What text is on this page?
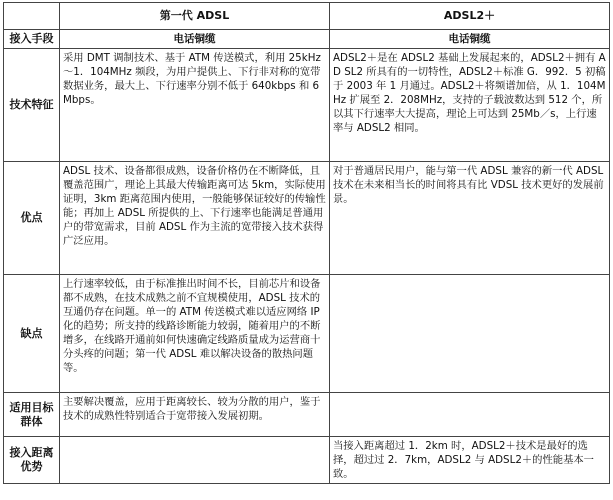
	第一代 ADSL	ADSL2＋
接入手段	电话铜缆	电话铜缆
技术特征	采用 DMT 调制技术、基于 ATM 传送模式，利用 25kHz～1．104MHz 频段，为用户提供上、下行非对称的宽带数据业务，最大上、下行速率分别不低于 640kbps 和 6Mbps。	ADSL2＋是在 ADSL2 基础上发展起来的，ADSL2＋拥有 AD SL2 所具有的一切特性，ADSL2＋标准 G．992．5 初稿于 2003 年 1 月通过。ADSL2＋将频谱加倍，从 1．104MHz 扩展至 2．208MHz，支持的子载波数达到 512 个，所以其下行速率大大提高，理论上可达到 25Mb／s，上行速率与 ADSL2 相同。
优点	ADSL 技术、设备都很成熟，设备价格仍在不断降低，且覆盖范围广，理论上其最大传输距离可达 5km，实际使用证明，3km 距离范围内使用，一般能够保证较好的传输性能；再加上 ADSL 所提供的上、下行速率也能满足普通用户的带宽需求，目前 ADSL 作为主流的宽带接入技术获得广泛应用。	对于普通居民用户，能与第一代 ADSL 兼容的新一代 ADSL 技术在未来相当长的时间将具有比 VDSL 技术更好的发展前景。
缺点	上行速率较低，由于标准推出时间不长，目前芯片和设备都不成熟，在技术成熟之前不宜规模使用，ADSL 技术的互通仍存在问题。单一的 ATM 传送模式难以适应网络 IP 化的趋势；所支持的线路诊断能力较弱，随着用户的不断增多，在线路开通前如何快速确定线路质量成为运营商十分头疼的问题；第一代 ADSL 难以解决设备的散热问题等。	
适用目标群体	主要解决覆盖，应用于距离较长、较为分散的用户，鉴于技术的成熟性特别适合于宽带接入发展初期。	
接入距离优势		当接入距离超过 1．2km 时，ADSL2＋技术是最好的选择，超过过 2．7km，ADSL2 与 ADSL2＋的性能基本一致。
